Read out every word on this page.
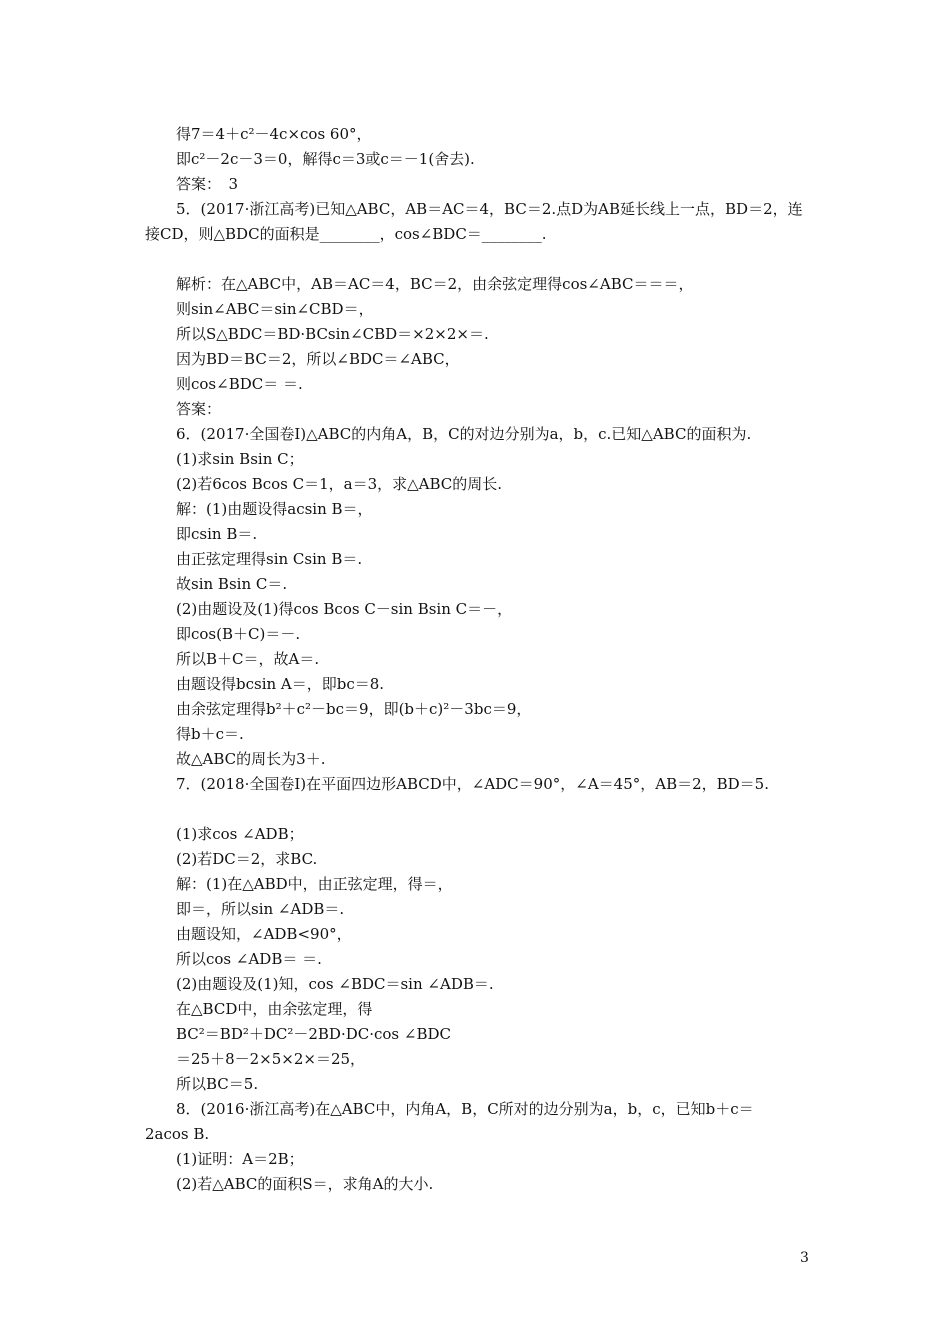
得7＝4＋c²－4c×cos 60°，
即c²－2c－3＝0，解得c＝3或c＝－1(舍去).
答案：　3
5．(2017·浙江高考)已知△ABC，AB＝AC＝4，BC＝2.点D为AB延长线上一点，BD＝2，连
接CD，则△BDC的面积是________，cos∠BDC＝________.
解析：在△ABC中，AB＝AC＝4，BC＝2，由余弦定理得cos∠ABC＝＝＝，
则sin∠ABC＝sin∠CBD＝，
所以S△BDC＝BD·BCsin∠CBD＝×2×2×＝.
因为BD＝BC＝2，所以∠BDC＝∠ABC，
则cos∠BDC＝ ＝.
答案：
6．(2017·全国卷Ⅰ)△ABC的内角A，B，C的对边分别为a，b，c.已知△ABC的面积为.
(1)求sin Bsin C；
(2)若6cos Bcos C＝1，a＝3，求△ABC的周长.
解：(1)由题设得acsin B＝，
即csin B＝.
由正弦定理得sin Csin B＝.
故sin Bsin C＝.
(2)由题设及(1)得cos Bcos C－sin Bsin C＝－，
即cos(B＋C)＝－.
所以B＋C＝，故A＝.
由题设得bcsin A＝，即bc＝8.
由余弦定理得b²＋c²－bc＝9，即(b＋c)²－3bc＝9，
得b＋c＝.
故△ABC的周长为3＋.
7．(2018·全国卷Ⅰ)在平面四边形ABCD中，∠ADC＝90°，∠A＝45°，AB＝2，BD＝5.
(1)求cos ∠ADB；
(2)若DC＝2，求BC.
解：(1)在△ABD中，由正弦定理，得＝，
即＝，所以sin ∠ADB＝.
由题设知，∠ADB<90°，
所以cos ∠ADB＝ ＝.
(2)由题设及(1)知，cos ∠BDC＝sin ∠ADB＝.
在△BCD中，由余弦定理，得
BC²＝BD²＋DC²－2BD·DC·cos ∠BDC
＝25＋8－2×5×2×＝25，
所以BC＝5.
8．(2016·浙江高考)在△ABC中，内角A，B，C所对的边分别为a，b，c，已知b＋c＝
2acos B.
(1)证明：A＝2B；
(2)若△ABC的面积S＝，求角A的大小.
3
